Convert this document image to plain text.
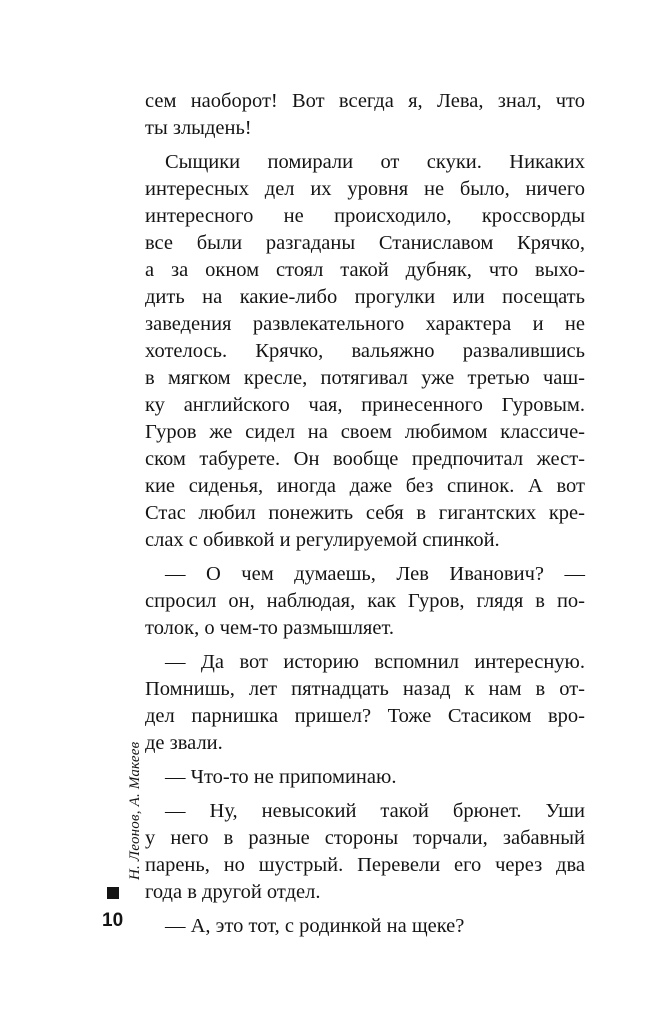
сем наоборот! Вот всегда я, Лева, знал, что
ты злыдень!
Сыщики помирали от скуки. Никаких
интересных дел их уровня не было, ничего
интересного не происходило, кроссворды
все были разгаданы Станиславом Крячко,
а за окном стоял такой дубняк, что выхо-
дить на какие-либо прогулки или посещать
заведения развлекательного характера и не
хотелось. Крячко, вальяжно развалившись
в мягком кресле, потягивал уже третью чаш-
ку английского чая, принесенного Гуровым.
Гуров же сидел на своем любимом классиче-
ском табурете. Он вообще предпочитал жест-
кие сиденья, иногда даже без спинок. А вот
Стас любил понежить себя в гигантских кре-
слах с обивкой и регулируемой спинкой.
— О чем думаешь, Лев Иванович? —
спросил он, наблюдая, как Гуров, глядя в по-
толок, о чем-то размышляет.
— Да вот историю вспомнил интересную.
Помнишь, лет пятнадцать назад к нам в от-
дел парнишка пришел? Тоже Стасиком вро-
де звали.
— Что-то не припоминаю.
— Ну, невысокий такой брюнет. Уши
у него в разные стороны торчали, забавный
парень, но шустрый. Перевели его через два
года в другой отдел.
— А, это тот, с родинкой на щеке?
Н. Леонов, А. Макеев
10
